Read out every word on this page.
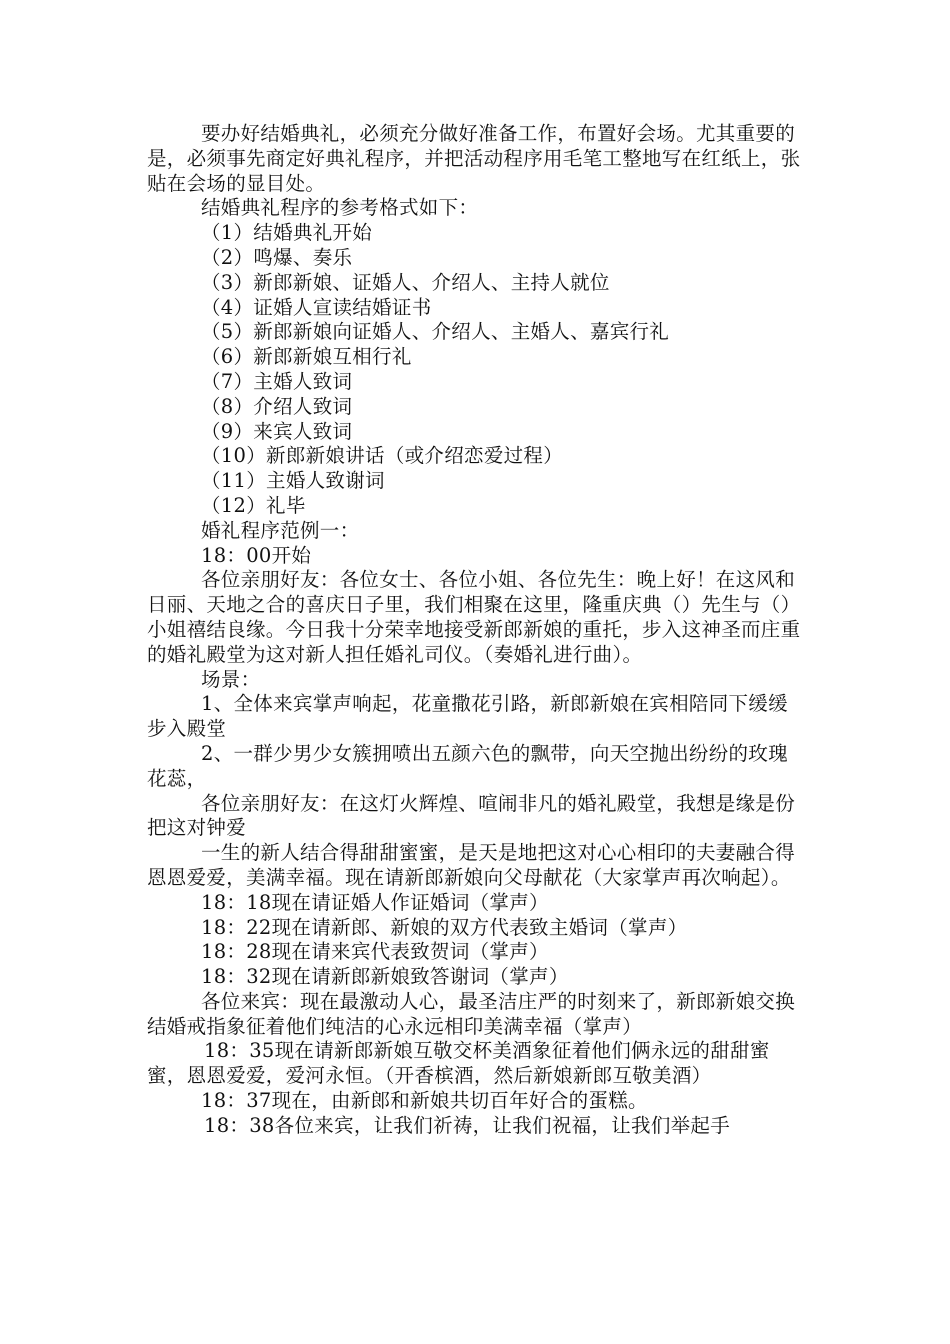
要办好结婚典礼，必须充分做好准备工作，布置好会场。尤其重要的是，必须事先商定好典礼程序，并把活动程序用毛笔工整地写在红纸上，张贴在会场的显目处。

结婚典礼程序的参考格式如下：

（1）结婚典礼开始

（2）鸣爆、奏乐

（3）新郎新娘、证婚人、介绍人、主持人就位

（4）证婚人宣读结婚证书

（5）新郎新娘向证婚人、介绍人、主婚人、嘉宾行礼

（6）新郎新娘互相行礼

（7）主婚人致词

（8）介绍人致词

（9）来宾人致词

（10）新郎新娘讲话（或介绍恋爱过程）

（11）主婚人致谢词

（12）礼毕

婚礼程序范例一：

18：00开始

各位亲朋好友：各位女士、各位小姐、各位先生：晚上好！在这风和日丽、天地之合的喜庆日子里，我们相聚在这里，隆重庆典（）先生与（）小姐禧结良缘。今日我十分荣幸地接受新郎新娘的重托，步入这神圣而庄重的婚礼殿堂为这对新人担任婚礼司仪。（奏婚礼进行曲）。

场景：

1、全体来宾掌声响起，花童撒花引路，新郎新娘在宾相陪同下缓缓步入殿堂

2、一群少男少女簇拥喷出五颜六色的飘带，向天空抛出纷纷的玫瑰花蕊，

各位亲朋好友：在这灯火辉煌、喧闹非凡的婚礼殿堂，我想是缘是份把这对钟爱

一生的新人结合得甜甜蜜蜜，是天是地把这对心心相印的夫妻融合得恩恩爱爱，美满幸福。现在请新郎新娘向父母献花（大家掌声再次响起）。

18：18现在请证婚人作证婚词（掌声）

18：22现在请新郎、新娘的双方代表致主婚词（掌声）

18：28现在请来宾代表致贺词（掌声）

18：32现在请新郎新娘致答谢词（掌声）

各位来宾：现在最激动人心，最圣洁庄严的时刻来了，新郎新娘交换结婚戒指象征着他们纯洁的心永远相印美满幸福（掌声）

18：35现在请新郎新娘互敬交杯美酒象征着他们俩永远的甜甜蜜蜜，恩恩爱爱，爱河永恒。（开香槟酒，然后新娘新郎互敬美酒）

18：37现在，由新郎和新娘共切百年好合的蛋糕。

18：38各位来宾，让我们祈祷，让我们祝福，让我们举起手
